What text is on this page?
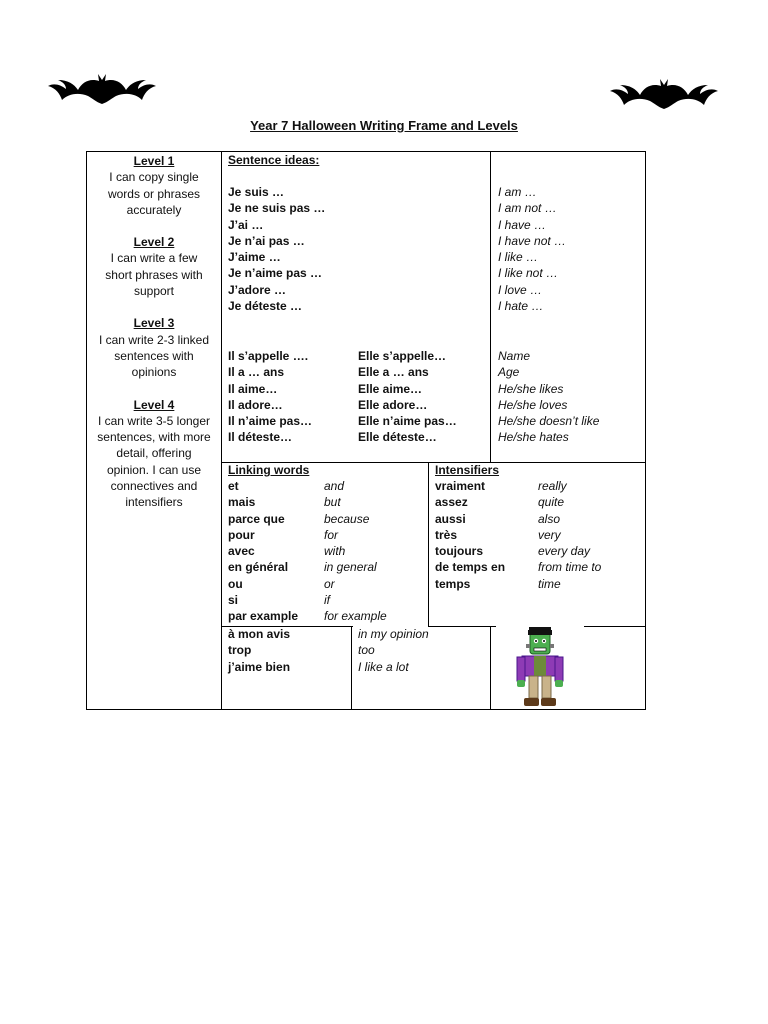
Year 7 Halloween Writing Frame and Levels
Level 1
I can copy single words or phrases accurately
Level 2
I can write a few short phrases with support
Level 3
I can write 2-3 linked sentences with opinions
Level 4
I can write 3-5 longer sentences, with more detail, offering opinion. I can use connectives and intensifiers
Sentence ideas:
Je suis …
Je ne suis pas …
J’ai …
Je n’ai pas …
J’aime …
Je n’aime pas …
J’adore …
Je déteste …
I am …
I am not …
I have …
I have not …
I like …
I like not …
I love …
I hate …
Il s’appelle ….
Il a … ans
Il aime…
Il adore…
Il n’aime pas…
Il déteste…
Elle s’appelle…
Elle a … ans
Elle aime…
Elle adore…
Elle n’aime pas…
Elle déteste…
Name
Age
He/she likes
He/she loves
He/she doesn’t like
He/she hates
Linking words
et
mais
parce que
pour
avec
en général
ou
si
par example
and
but
because
for
with
in general
or
if
for example
Intensifiers
vraiment
assez
aussi
très
toujours
de temps en
temps
really
quite
also
very
every day
from time to
time
à mon avis
trop
j’aime bien
in my opinion
too
I like a lot
